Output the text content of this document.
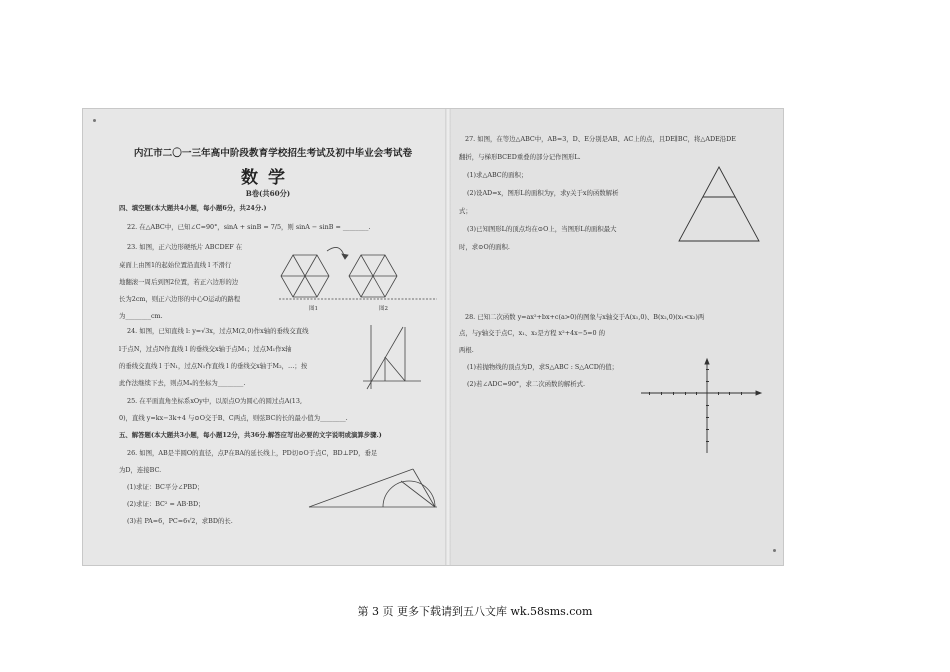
内江市二〇一三年高中阶段教育学校招生考试及初中毕业会考试卷
数学
B卷(共60分)
四、填空题(本大题共4小题，每小题6分，共24分.)
22. 在△ABC中，已知∠C=90°，sinA + sinB = 7/5，则 sinA − sinB = ________.
23. 如图，正六边形硬纸片 ABCDEF 在
桌面上由图1的起始位置沿直线 l 不滑行
地翻滚一周后到图2位置，若正六边形的边
长为2cm，则正六边形的中心O运动的路程
为________cm.
图1	图2
24. 如图，已知直线 l: y=√3x，过点M(2,0)作x轴的垂线交直线
l于点N，过点N作直线 l 的垂线交x轴于点M₁；过点M₁作x轴
的垂线交直线 l 于N₁，过点N₁作直线 l 的垂线交x轴于M₂，…；按
此作法继续下去，则点Mₙ的坐标为________.
25. 在平面直角坐标系xOy中，以原点O为圆心的圆过点A(13,
0)，直线 y=kx−3k+4 与⊙O交于B、C两点，则弦BC的长的最小值为________.
五、解答题(本大题共3小题，每小题12分，共36分.解答应写出必要的文字说明或演算步骤.)
26. 如图，AB是半圆O的直径，点P在BA的延长线上，PD切⊙O于点C，BD⊥PD，垂足
为D，连接BC.
(1)求证：BC平分∠PBD；
(2)求证：BC² = AB·BD；
(3)若 PA=6，PC=6√2，求BD的长.
27. 如图，在等边△ABC中，AB=3，D、E分别是AB、AC上的点，且DE∥BC，将△ADE沿DE
翻折，与梯形BCED重叠的部分记作图形L.
(1)求△ABC的面积；
(2)设AD=x，图形L的面积为y，求y关于x的函数解析
式；
(3)已知图形L的顶点均在⊙O上，当图形L的面积最大
时，求⊙O的面积.
28. 已知二次函数 y=ax²+bx+c(a>0)的图象与x轴交于A(x₁,0)、B(x₂,0)(x₁<x₂)两
点，与y轴交于点C，x₁、x₂是方程 x²+4x−5=0 的
两根.
(1)若抛物线的顶点为D，求S△ABC : S△ACD的值；
(2)若∠ADC=90°，求二次函数的解析式.
第 3 页 更多下载请到五八文库 wk.58sms.com
